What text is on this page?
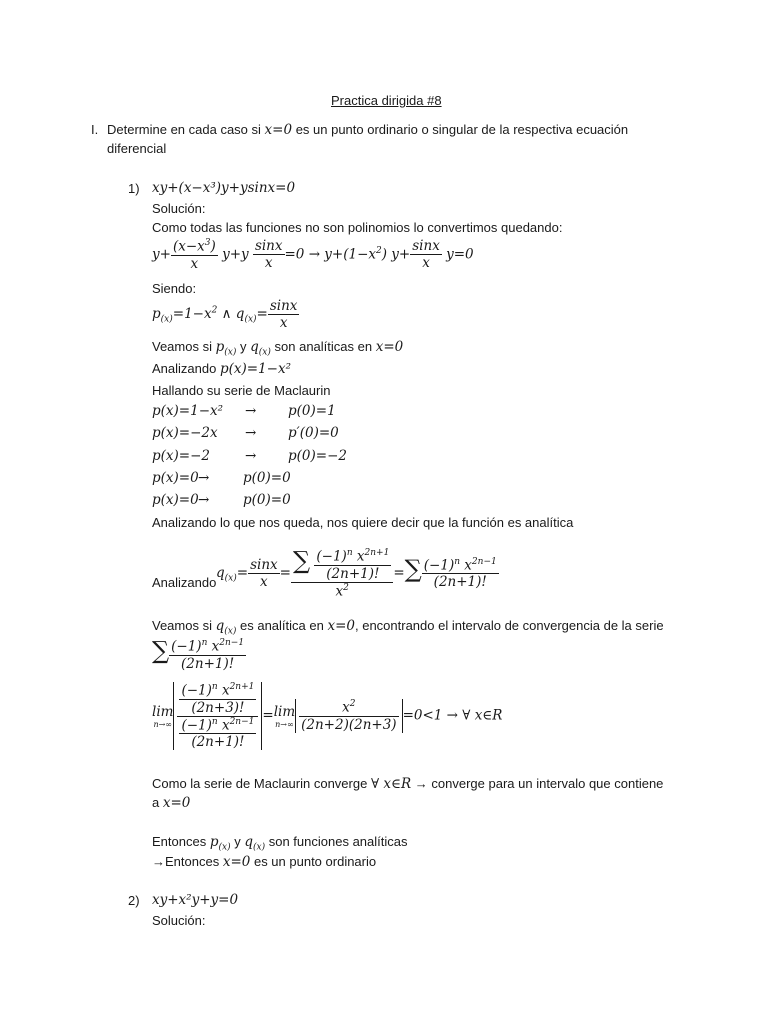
Practica dirigida #8
I. Determine en cada caso si x=0 es un punto ordinario o singular de la respectiva ecuación
diferencial
1) xy+(x−x³)y+ysinx=0
Solución:
Como todas las funciones no son polinomios lo convertimos quedando:
$y+ \frac{(x-x^3)}{x} y+y \frac{\sin x}{x} =0 \to y+(1-x^2)$ $y+ \frac{\sin x}{x} y=0$
Siendo:
$p_{(x)}=1-x^2$ ∧ $q_{(x)}= \frac{\sin x}{x}$
Veamos si $p_{(x)}$ y $q_{(x)}$ son analíticas en x=0
Analizando p(x)=1−x²
Hallando su serie de Maclaurin
p(x)=1−x² → p(0)=1
p(x)=−2x → p′(0)=0
p(x)=−2	→ p(0)=−2
p(x)=0 → p(0)=0
p(x)=0 → p(0)=0
Analizando lo que nos queda, nos quiere decir que la función es analítica
Analizando
$q_{(x)}= \frac{\sin x}{x} = \frac{\sum \frac{(-1)^n x^{2n+1}}{(2n+1)!}}{x^2}$ =∑ $\frac{(-1)^n x^{2n-1}}{(2n+1)!}$
Veamos si $q_{(x)}$ es analítica en x=0, encontrando el intervalo de convergencia de la serie
∑ $\frac{(-1)^n x^{2n-1}}{(2n+1)!}$
lim
$n\to\infty \frac{\frac{(-1)^n x^{2n+1}}{(2n+3)!}}{\frac{(-1)^n x^{2n-1}}{(2n+1)!}} =\lim$
$n\to\infty \frac{x^2}{(2n+2)(2n+3)} =0<1$ → ∀ x∈R
Como la serie de Maclaurin converge ∀ x∈R → converge para un intervalo que contiene
a x=0
Entonces $p_{(x)}$ y $q_{(x)}$ son funciones analíticas
→Entonces x=0 es un punto ordinario
2) xy+x²y+y=0
Solución:
